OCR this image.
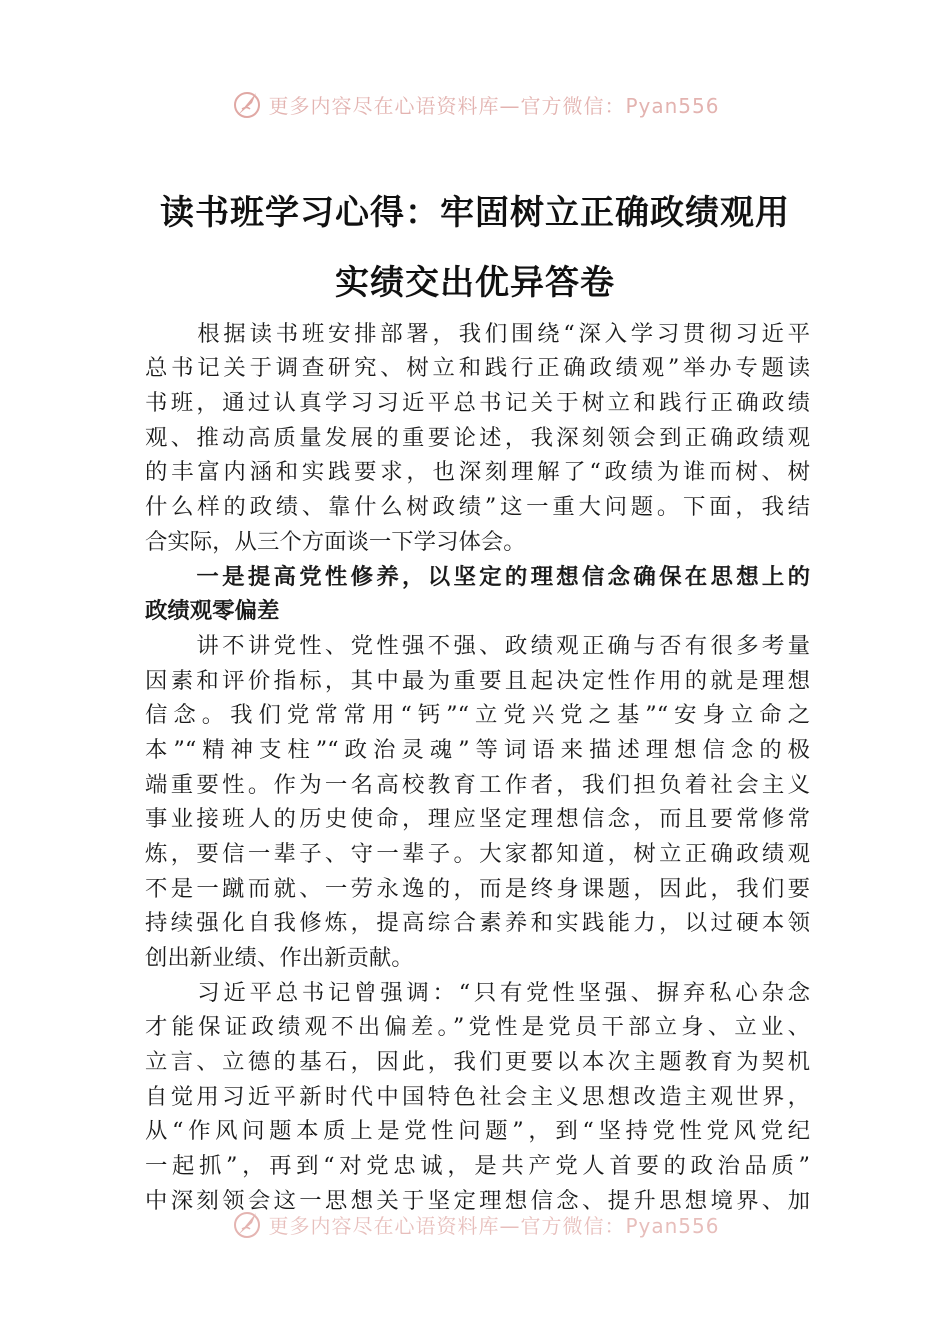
更多内容尽在心语资料库—官方微信：Pyan556
读书班学习心得：牢固树立正确政绩观用
实绩交出优异答卷
　　根据读书班安排部署，我们围绕“深入学习贯彻习近平
总书记关于调查研究、树立和践行正确政绩观”举办专题读
书班，通过认真学习习近平总书记关于树立和践行正确政绩
观、推动高质量发展的重要论述，我深刻领会到正确政绩观
的丰富内涵和实践要求，也深刻理解了“政绩为谁而树、树
什么样的政绩、靠什么树政绩”这一重大问题。下面，我结
合实际，从三个方面谈一下学习体会。
　　一是提高党性修养，以坚定的理想信念确保在思想上的
政绩观零偏差
　　讲不讲党性、党性强不强、政绩观正确与否有很多考量
因素和评价指标，其中最为重要且起决定性作用的就是理想
信念。我们党常常用“钙”“立党兴党之基”“安身立命之
本”“精神支柱”“政治灵魂”等词语来描述理想信念的极
端重要性。作为一名高校教育工作者，我们担负着社会主义
事业接班人的历史使命，理应坚定理想信念，而且要常修常
炼，要信一辈子、守一辈子。大家都知道，树立正确政绩观
不是一蹴而就、一劳永逸的，而是终身课题，因此，我们要
持续强化自我修炼，提高综合素养和实践能力，以过硬本领
创出新业绩、作出新贡献。
　　习近平总书记曾强调：“只有党性坚强、摒弃私心杂念
才能保证政绩观不出偏差。”党性是党员干部立身、立业、
立言、立德的基石，因此，我们更要以本次主题教育为契机
自觉用习近平新时代中国特色社会主义思想改造主观世界，
从“作风问题本质上是党性问题”，到“坚持党性党风党纪
一起抓”，再到“对党忠诚，是共产党人首要的政治品质”
中深刻领会这一思想关于坚定理想信念、提升思想境界、加
更多内容尽在心语资料库—官方微信：Pyan556
